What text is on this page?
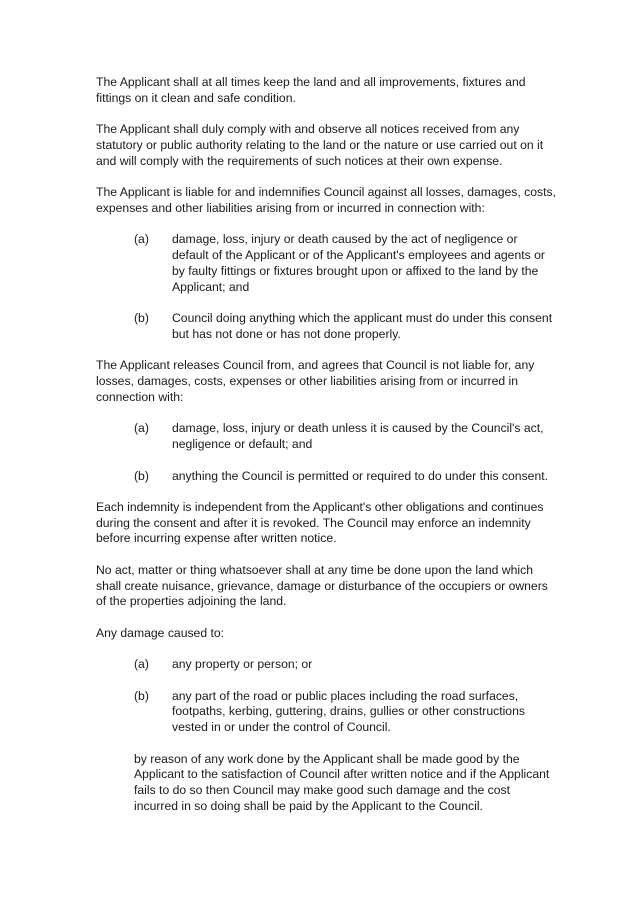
The Applicant shall at all times keep the land and all improvements, fixtures and fittings on it clean and safe condition.

The Applicant shall duly comply with and observe all notices received from any statutory or public authority relating to the land or the nature or use carried out on it and will comply with the requirements of such notices at their own expense.

The Applicant is liable for and indemnifies Council against all losses, damages, costs, expenses and other liabilities arising from or incurred in connection with:

(a) damage, loss, injury or death caused by the act of negligence or default of the Applicant or of the Applicant's employees and agents or by faulty fittings or fixtures brought upon or affixed to the land by the Applicant; and
(b) Council doing anything which the applicant must do under this consent but has not done or has not done properly.

The Applicant releases Council from, and agrees that Council is not liable for, any losses, damages, costs, expenses or other liabilities arising from or incurred in connection with:

(a) damage, loss, injury or death unless it is caused by the Council's act, negligence or default; and
(b) anything the Council is permitted or required to do under this consent.

Each indemnity is independent from the Applicant's other obligations and continues during the consent and after it is revoked. The Council may enforce an indemnity before incurring expense after written notice.

No act, matter or thing whatsoever shall at any time be done upon the land which shall create nuisance, grievance, damage or disturbance of the occupiers or owners of the properties adjoining the land.

Any damage caused to:

(a) any property or person; or
(b) any part of the road or public places including the road surfaces, footpaths, kerbing, guttering, drains, gullies or other constructions vested in or under the control of Council.

by reason of any work done by the Applicant shall be made good by the Applicant to the satisfaction of Council after written notice and if the Applicant fails to do so then Council may make good such damage and the cost incurred in so doing shall be paid by the Applicant to the Council.
